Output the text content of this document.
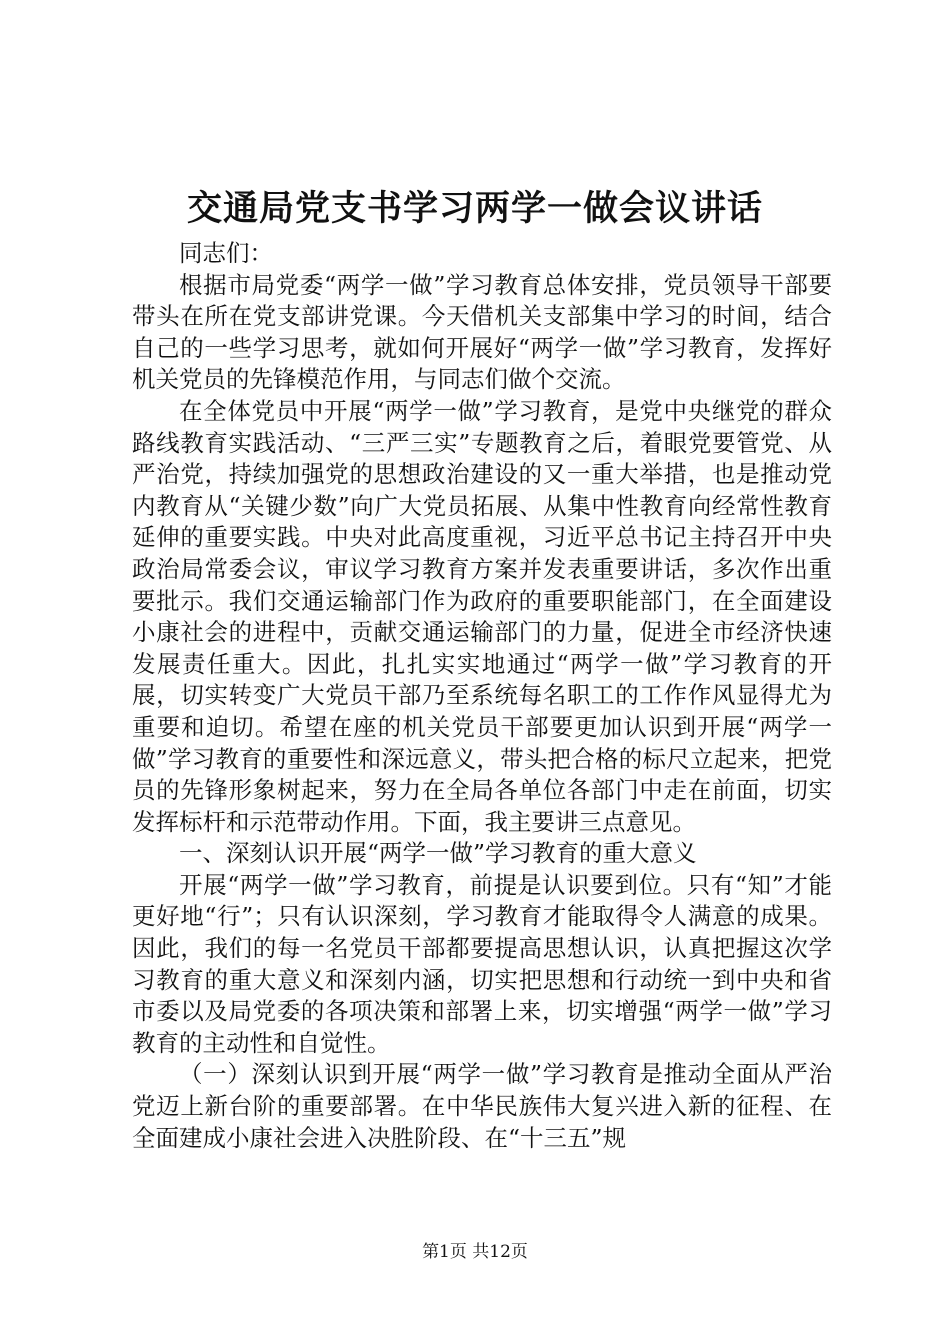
交通局党支书学习两学一做会议讲话

同志们：

根据市局党委“两学一做”学习教育总体安排，党员领导干部要带头在所在党支部讲党课。今天借机关支部集中学习的时间，结合自己的一些学习思考，就如何开展好“两学一做”学习教育，发挥好机关党员的先锋模范作用，与同志们做个交流。

在全体党员中开展“两学一做”学习教育，是党中央继党的群众路线教育实践活动、“三严三实”专题教育之后，着眼党要管党、从严治党，持续加强党的思想政治建设的又一重大举措，也是推动党内教育从“关键少数”向广大党员拓展、从集中性教育向经常性教育延伸的重要实践。中央对此高度重视，习近平总书记主持召开中央政治局常委会议，审议学习教育方案并发表重要讲话，多次作出重要批示。我们交通运输部门作为政府的重要职能部门，在全面建设小康社会的进程中，贡献交通运输部门的力量，促进全市经济快速发展责任重大。因此，扎扎实实地通过“两学一做”学习教育的开展，切实转变广大党员干部乃至系统每名职工的工作作风显得尤为重要和迫切。希望在座的机关党员干部要更加认识到开展“两学一做”学习教育的重要性和深远意义，带头把合格的标尺立起来，把党员的先锋形象树起来，努力在全局各单位各部门中走在前面，切实发挥标杆和示范带动作用。下面，我主要讲三点意见。

一、深刻认识开展“两学一做”学习教育的重大意义

开展“两学一做”学习教育，前提是认识要到位。只有“知”才能更好地“行”；只有认识深刻，学习教育才能取得令人满意的成果。因此，我们的每一名党员干部都要提高思想认识，认真把握这次学习教育的重大意义和深刻内涵，切实把思想和行动统一到中央和省市委以及局党委的各项决策和部署上来，切实增强“两学一做”学习教育的主动性和自觉性。

（一）深刻认识到开展“两学一做”学习教育是推动全面从严治党迈上新台阶的重要部署。在中华民族伟大复兴进入新的征程、在全面建成小康社会进入决胜阶段、在“十三五”规

第1页 共12页
